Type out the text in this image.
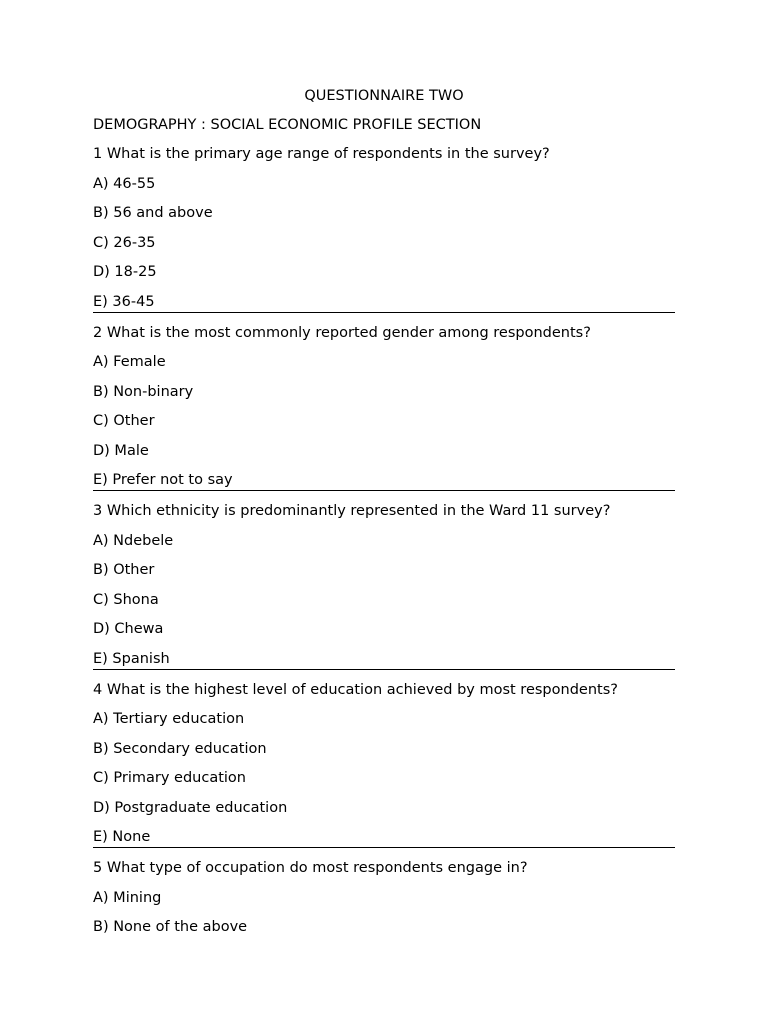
QUESTIONNAIRE TWO
DEMOGRAPHY : SOCIAL ECONOMIC PROFILE SECTION
1 What is the primary age range of respondents in the survey?
A) 46-55
B) 56 and above
C) 26-35
D) 18-25
E) 36-45
2 What is the most commonly reported gender among respondents?
A) Female
B) Non-binary
C) Other
D) Male
E) Prefer not to say
3 Which ethnicity is predominantly represented in the Ward 11 survey?
A) Ndebele
B) Other
C) Shona
D) Chewa
E) Spanish
4 What is the highest level of education achieved by most respondents?
A) Tertiary education
B) Secondary education
C) Primary education
D) Postgraduate education
E) None
5 What type of occupation do most respondents engage in?
A) Mining
B) None of the above
